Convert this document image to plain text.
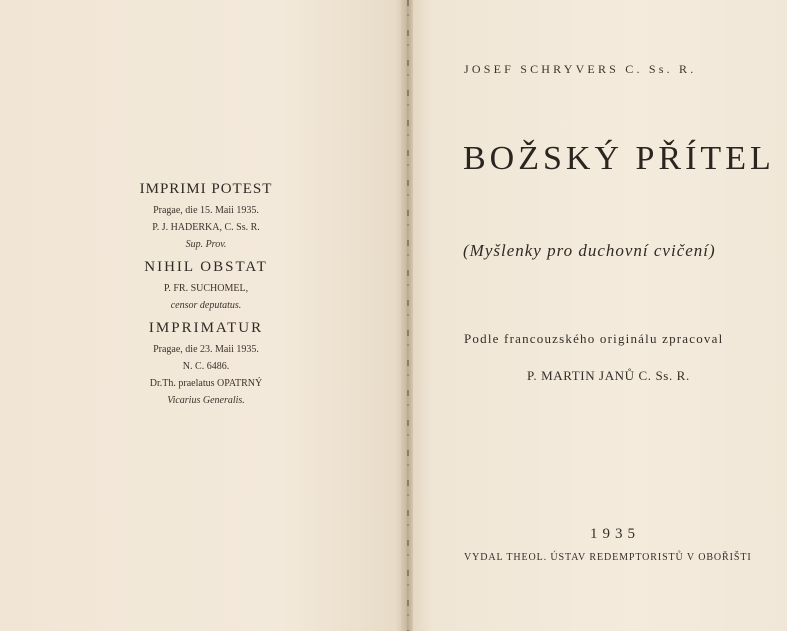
IMPRIMI POTEST
Pragae, die 15. Maii 1935.
P. J. HADERKA, C. Ss. R.
Sup. Prov.
NIHIL OBSTAT
P. FR. SUCHOMEL,
censor deputatus.
IMPRIMATUR
Pragae, die 23. Maii 1935.
N. C. 6486.
Dr.Th. praelatus OPATRNÝ
Vicarius Generalis.
JOSEF SCHRYVERS C. Ss. R.
BOŽSKÝ PŘÍTEL
(Myšlenky pro duchovní cvičení)
Podle francouzského originálu zpracoval
P. MARTIN JANŮ C. Ss. R.
1935
VYDAL THEOL. ÚSTAV REDEMPTORISTŮ V OBOŘIŠTI
